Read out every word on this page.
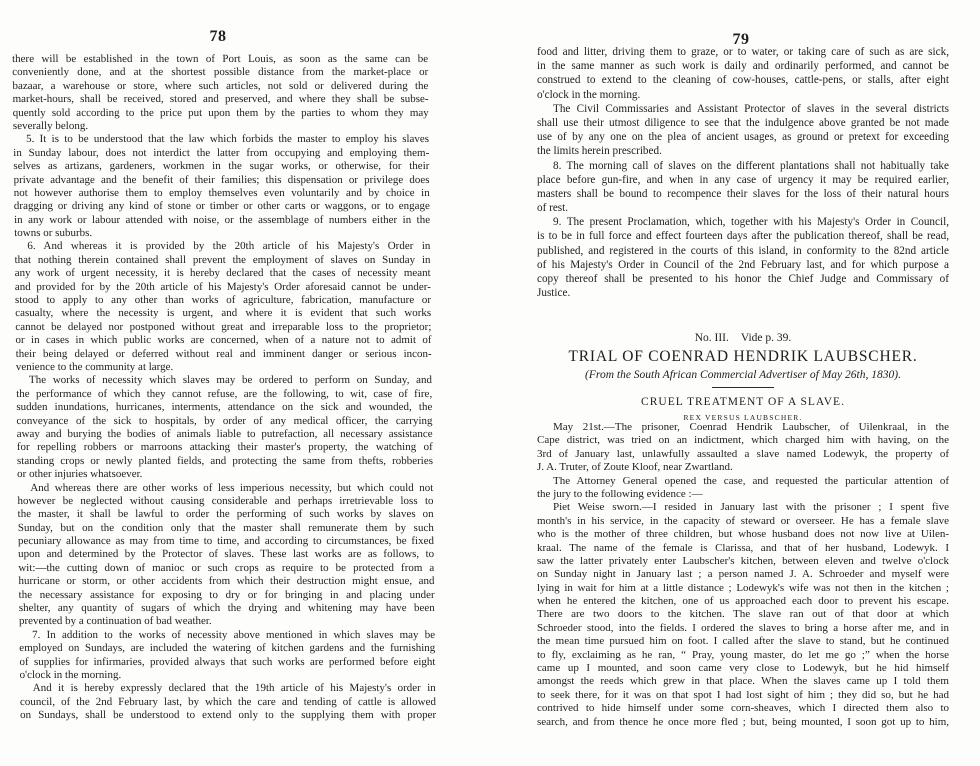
78
there will be established in the town of Port Louis, as soon as the same can be
conveniently done, and at the shortest possible distance from the market-place or
bazaar, a warehouse or store, where such articles, not sold or delivered during the
market-hours, shall be received, stored and preserved, and where they shall be subse-
quently sold according to the price put upon them by the parties to whom they may
severally belong.
5. It is to be understood that the law which forbids the master to employ his slaves
in Sunday labour, does not interdict the latter from occupying and employing them-
selves as artizans, gardeners, workmen in the sugar works, or otherwise, for their
private advantage and the benefit of their families; this dispensation or privilege does
not however authorise them to employ themselves even voluntarily and by choice in
dragging or driving any kind of stone or timber or other carts or waggons, or to engage
in any work or labour attended with noise, or the assemblage of numbers either in the
towns or suburbs.
6. And whereas it is provided by the 20th article of his Majesty's Order in
that nothing therein contained shall prevent the employment of slaves on Sunday in
any work of urgent necessity, it is hereby declared that the cases of necessity meant
and provided for by the 20th article of his Majesty's Order aforesaid cannot be under-
stood to apply to any other than works of agriculture, fabrication, manufacture or
casualty, where the necessity is urgent, and where it is evident that such works
cannot be delayed nor postponed without great and irreparable loss to the proprietor;
or in cases in which public works are concerned, when of a nature not to admit of
their being delayed or deferred without real and imminent danger or serious incon-
venience to the community at large.
The works of necessity which slaves may be ordered to perform on Sunday, and
the performance of which they cannot refuse, are the following, to wit, case of fire,
sudden inundations, hurricanes, interments, attendance on the sick and wounded, the
conveyance of the sick to hospitals, by order of any medical officer, the carrying
away and burying the bodies of animals liable to putrefaction, all necessary assistance
for repelling robbers or marroons attacking their master's property, the watching of
standing crops or newly planted fields, and protecting the same from thefts, robberies
or other injuries whatsoever.
And whereas there are other works of less imperious necessity, but which could not
however be neglected without causing considerable and perhaps irretrievable loss to
the master, it shall be lawful to order the performing of such works by slaves on
Sunday, but on the condition only that the master shall remunerate them by such
pecuniary allowance as may from time to time, and according to circumstances, be fixed
upon and determined by the Protector of slaves. These last works are as follows, to
wit:—the cutting down of manioc or such crops as require to be protected from a
hurricane or storm, or other accidents from which their destruction might ensue, and
the necessary assistance for exposing to dry or for bringing in and placing under
shelter, any quantity of sugars of which the drying and whitening may have been
prevented by a continuation of bad weather.
7. In addition to the works of necessity above mentioned in which slaves may be
employed on Sundays, are included the watering of kitchen gardens and the furnishing
of supplies for infirmaries, provided always that such works are performed before eight
o'clock in the morning.
And it is hereby expressly declared that the 19th article of his Majesty's order in
council, of the 2nd February last, by which the care and tending of cattle is allowed
on Sundays, shall be understood to extend only to the supplying them with proper
79
food and litter, driving them to graze, or to water, or taking care of such as are sick,
in the same manner as such work is daily and ordinarily performed, and cannot be
construed to extend to the cleaning of cow-houses, cattle-pens, or stalls, after eight
o'clock in the morning.
The Civil Commissaries and Assistant Protector of slaves in the several districts
shall use their utmost diligence to see that the indulgence above granted be not made
use of by any one on the plea of ancient usages, as ground or pretext for exceeding
the limits herein prescribed.
8. The morning call of slaves on the different plantations shall not habitually take
place before gun-fire, and when in any case of urgency it may be required earlier,
masters shall be bound to recompence their slaves for the loss of their natural hours
of rest.
9. The present Proclamation, which, together with his Majesty's Order in Council,
is to be in full force and effect fourteen days after the publication thereof, shall be read,
published, and registered in the courts of this island, in conformity to the 82nd article
of his Majesty's Order in Council of the 2nd February last, and for which purpose a
copy thereof shall be presented to his honor the Chief Judge and Commissary of
Justice.
No. III. Vide p. 39.
TRIAL OF COENRAD HENDRIK LAUBSCHER.
(From the South African Commercial Advertiser of May 26th, 1830).
CRUEL TREATMENT OF A SLAVE.
REX VERSUS LAUBSCHER.
May 21st.—The prisoner, Coenrad Hendrik Laubscher, of Uilenkraal, in the
Cape district, was tried on an indictment, which charged him with having, on the
3rd of January last, unlawfully assaulted a slave named Lodewyk, the property of
J. A. Truter, of Zoute Kloof, near Zwartland.
The Attorney General opened the case, and requested the particular attention of
the jury to the following evidence :—
Piet Weise sworn.—I resided in January last with the prisoner ; I spent five
month's in his service, in the capacity of steward or overseer. He has a female slave
who is the mother of three children, but whose husband does not now live at Uilen-
kraal. The name of the female is Clarissa, and that of her husband, Lodewyk. I
saw the latter privately enter Laubscher's kitchen, between eleven and twelve o'clock
on Sunday night in January last ; a person named J. A. Schroeder and myself were
lying in wait for him at a little distance ; Lodewyk's wife was not then in the kitchen ;
when he entered the kitchen, one of us approached each door to prevent his escape.
There are two doors to the kitchen. The slave ran out of that door at which
Schroeder stood, into the fields. I ordered the slaves to bring a horse after me, and in
the mean time pursued him on foot. I called after the slave to stand, but he continued
to fly, exclaiming as he ran, “ Pray, young master, do let me go ;” when the horse
came up I mounted, and soon came very close to Lodewyk, but he hid himself
amongst the reeds which grew in that place. When the slaves came up I told them
to seek there, for it was on that spot I had lost sight of him ; they did so, but he had
contrived to hide himself under some corn-sheaves, which I directed them also to
search, and from thence he once more fled ; but, being mounted, I soon got up to him,
